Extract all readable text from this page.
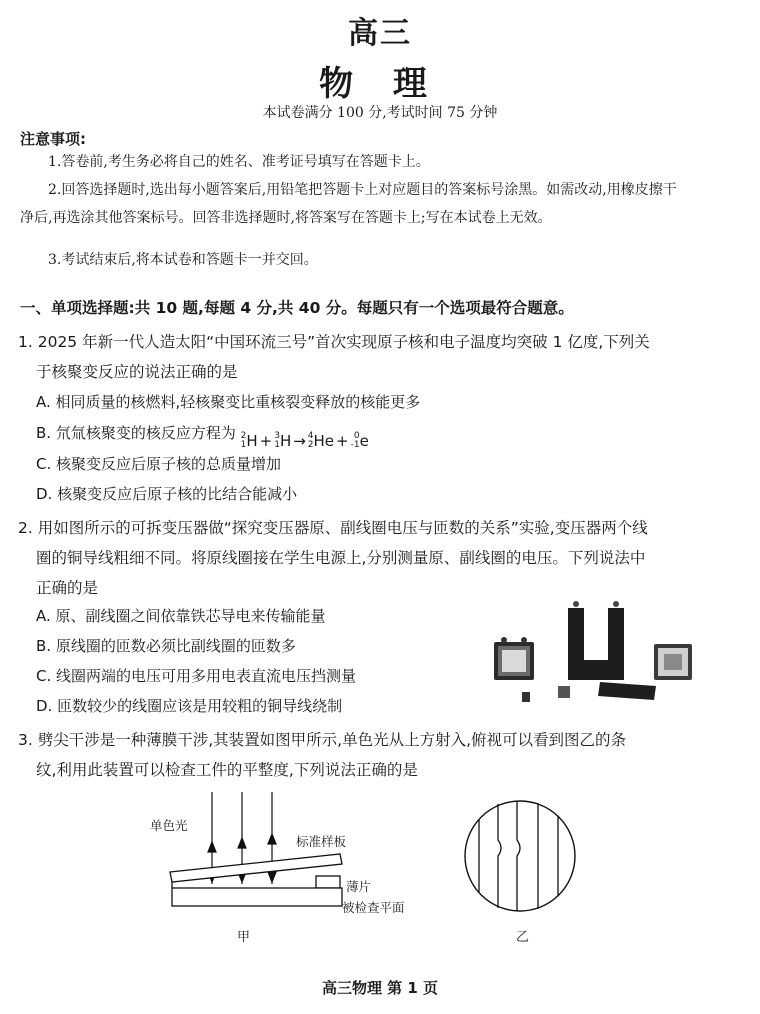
高三
物 理
本试卷满分 100 分,考试时间 75 分钟
注意事项:

1.答卷前,考生务必将自己的姓名、准考证号填写在答题卡上。

2.回答选择题时,选出每小题答案后,用铅笔把答题卡上对应题目的答案标号涂黑。如需改动,用橡皮擦干净后,再选涂其他答案标号。回答非选择题时,将答案写在答题卡上;写在本试卷上无效。

3.考试结束后,将本试卷和答题卡一并交回。

一、单项选择题:共 10 题,每题 4 分,共 40 分。每题只有一个选项最符合题意。
1. 2025 年新一代人造太阳“中国环流三号”首次实现原子核和电子温度均突破 1 亿度,下列关
于核聚变反应的说法正确的是
A. 相同质量的核燃料,轻核聚变比重核裂变释放的核能更多
B. 氘氚核聚变的核反应方程为 2
1 H + 3
1 H → 4
2 He + 0
-1 e
C. 核聚变反应后原子核的总质量增加
D. 核聚变反应后原子核的比结合能减小
2. 用如图所示的可拆变压器做“探究变压器原、副线圈电压与匝数的关系”实验,变压器两个线
圈的铜导线粗细不同。将原线圈接在学生电源上,分别测量原、副线圈的电压。下列说法中
正确的是
A. 原、副线圈之间依靠铁芯导电来传输能量
B. 原线圈的匝数必须比副线圈的匝数多
C. 线圈两端的电压可用多用电表直流电压挡测量
D. 匝数较少的线圈应该是用较粗的铜导线绕制
3. 劈尖干涉是一种薄膜干涉,其装置如图甲所示,单色光从上方射入,俯视可以看到图乙的条
纹,利用此装置可以检查工件的平整度,下列说法正确的是
单色光
标准样板
薄片
被检查平面
甲	乙
高三物理 第 1 页
